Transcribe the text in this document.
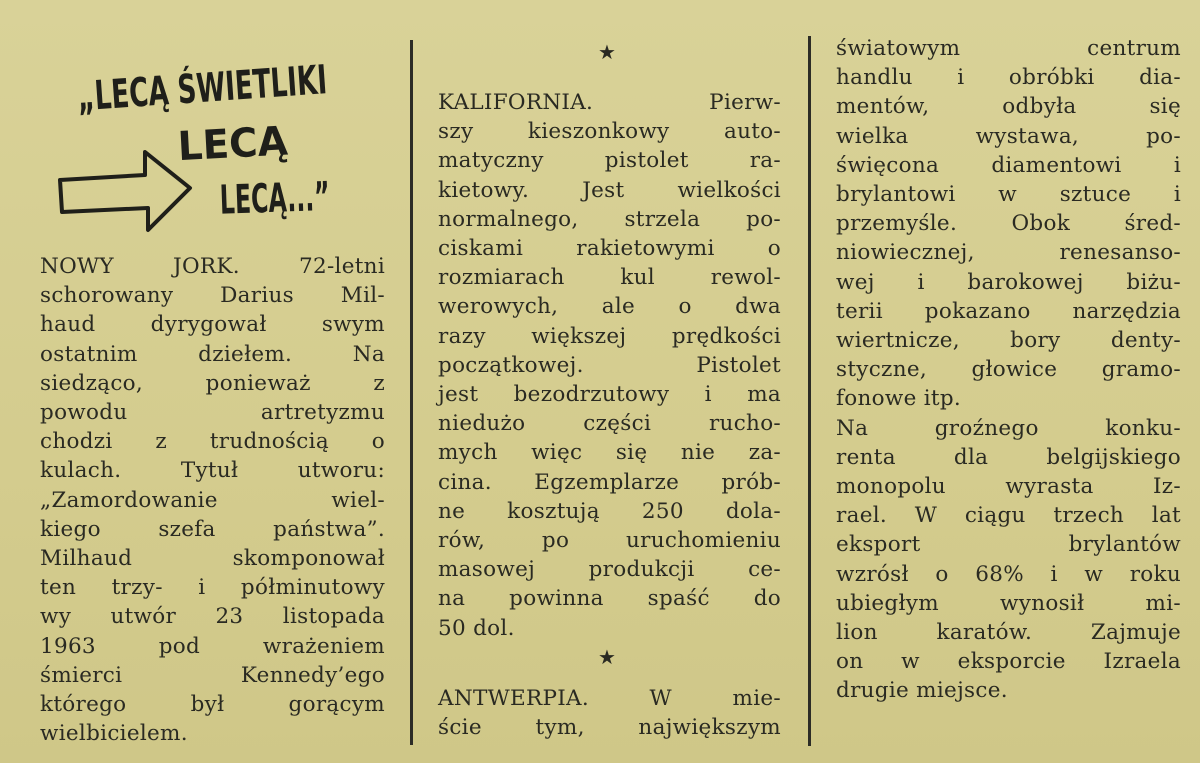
„LECĄ ŚWIETLIKI
LECĄ
LECĄ...”
NOWY JORK. 72-letni
schorowany Darius Mil-
haud dyrygował swym
ostatnim dziełem. Na
siedząco, ponieważ z
powodu artretyzmu
chodzi z trudnością o
kulach. Tytuł utworu:
„Zamordowanie wiel-
kiego szefa państwa”.
Milhaud skomponował
ten trzy- i półminutowy
wy utwór 23 listopada
1963 pod wrażeniem
śmierci Kennedy’ego
którego był gorącym
wielbicielem.
★
KALIFORNIA. Pierw-
szy kieszonkowy auto-
matyczny pistolet ra-
kietowy. Jest wielkości
normalnego, strzela po-
ciskami rakietowymi o
rozmiarach kul rewol-
werowych, ale o dwa
razy większej prędkości
początkowej. Pistolet
jest bezodrzutowy i ma
niedużo części rucho-
mych więc się nie za-
cina. Egzemplarze prób-
ne kosztują 250 dola-
rów, po uruchomieniu
masowej produkcji ce-
na powinna spaść do
50 dol.
★
ANTWERPIA. W mie-
ście tym, największym
światowym centrum
handlu i obróbki dia-
mentów, odbyła się
wielka wystawa, po-
święcona diamentowi i
brylantowi w sztuce i
przemyśle. Obok śred-
niowiecznej, renesanso-
wej i barokowej biżu-
terii pokazano narzędzia
wiertnicze, bory denty-
styczne, głowice gramo-
fonowe itp.
Na groźnego konku-
renta dla belgijskiego
monopolu wyrasta Iz-
rael. W ciągu trzech lat
eksport brylantów
wzrósł o 68% i w roku
ubiegłym wynosił mi-
lion karatów. Zajmuje
on w eksporcie Izraela
drugie miejsce.
